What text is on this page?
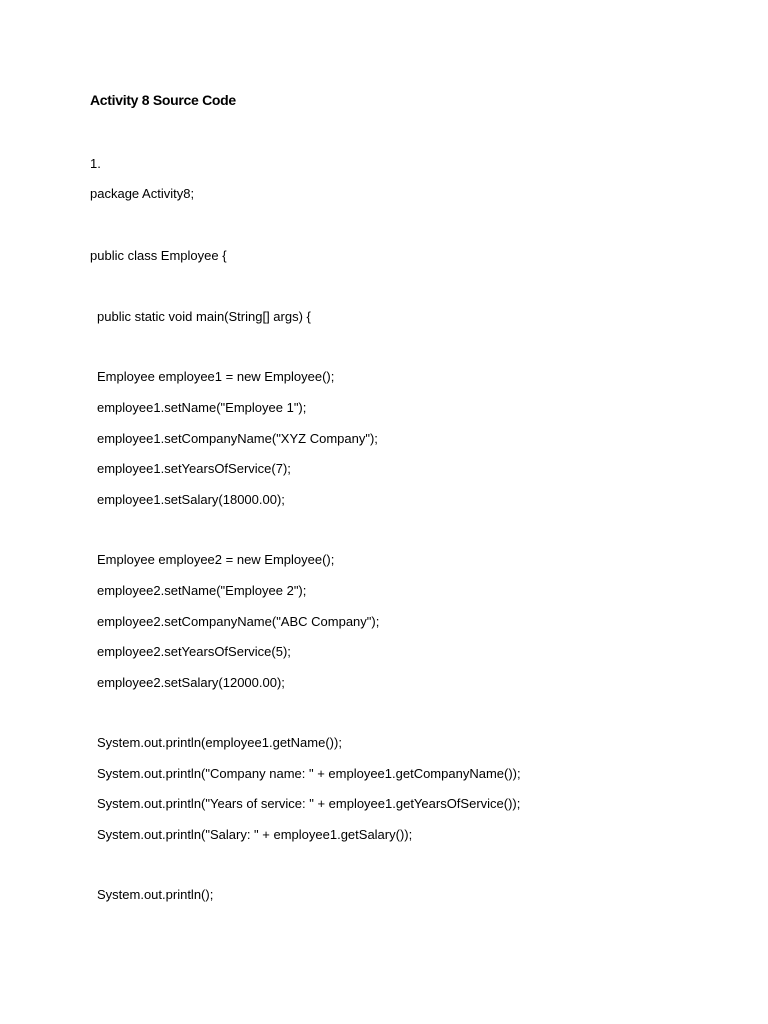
Activity 8 Source Code
1.
package Activity8;
public class Employee {
public static void main(String[] args) {
Employee employee1 = new Employee();
employee1.setName("Employee 1");
employee1.setCompanyName("XYZ Company");
employee1.setYearsOfService(7);
employee1.setSalary(18000.00);
Employee employee2 = new Employee();
employee2.setName("Employee 2");
employee2.setCompanyName("ABC Company");
employee2.setYearsOfService(5);
employee2.setSalary(12000.00);
System.out.println(employee1.getName());
System.out.println("Company name: " + employee1.getCompanyName());
System.out.println("Years of service: " + employee1.getYearsOfService());
System.out.println("Salary: " + employee1.getSalary());
System.out.println();
